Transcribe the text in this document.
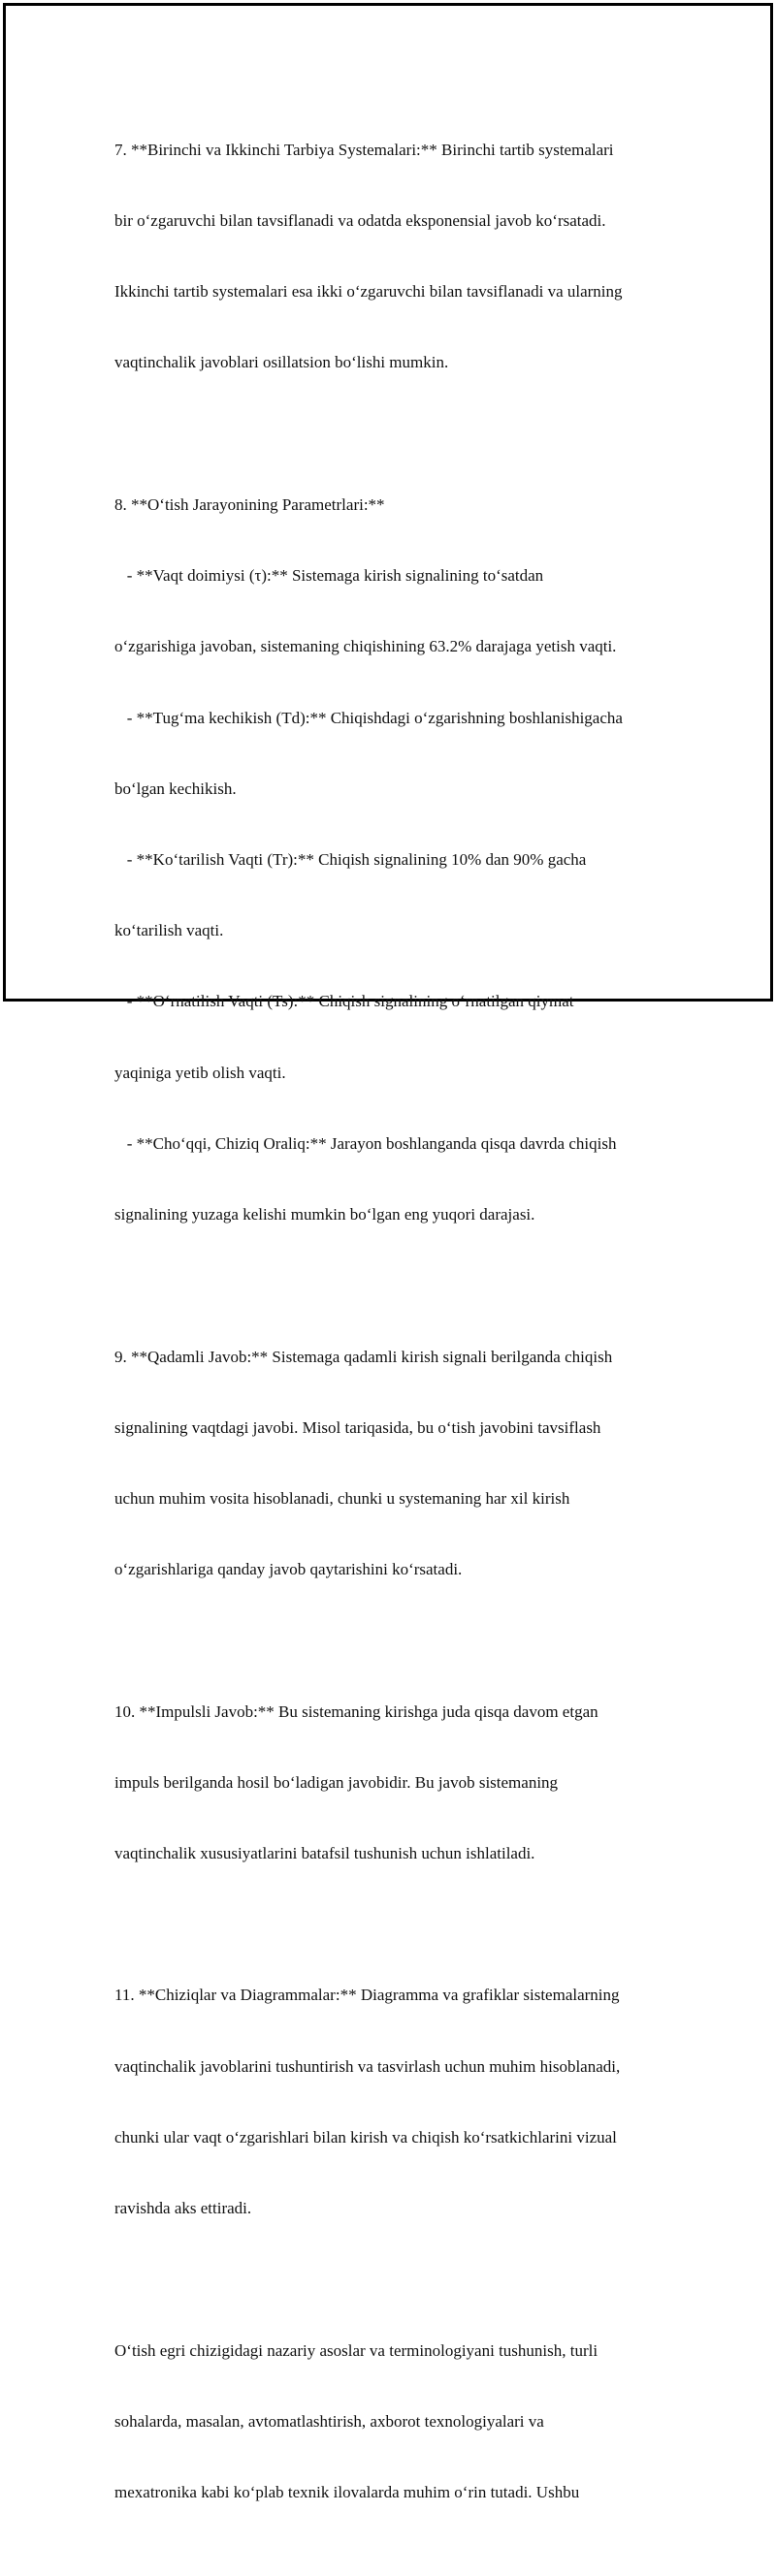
7. **Birinchi va Ikkinchi Tarbiya Systemalari:** Birinchi tartib systemalari

bir oʻzgaruvchi bilan tavsiflanadi va odatda eksponensial javob koʻrsatadi.

Ikkinchi tartib systemalari esa ikki oʻzgaruvchi bilan tavsiflanadi va ularning

vaqtinchalik javoblari osillatsion boʻlishi mumkin.

8. **Oʻtish Jarayonining Parametrlari:**

- **Vaqt doimiysi (τ):** Sistemaga kirish signalining toʻsatdan

oʻzgarishiga javoban, sistemaning chiqishining 63.2% darajaga yetish vaqti.

- **Tugʻma kechikish (Td):** Chiqishdagi oʻzgarishning boshlanishigacha

boʻlgan kechikish.

- **Koʻtarilish Vaqti (Tr):** Chiqish signalining 10% dan 90% gacha

koʻtarilish vaqti.

- **Oʻrnatilish Vaqti (Ts):** Chiqish signalining oʻrnatilgan qiymat

yaqiniga yetib olish vaqti.

- **Choʻqqi, Chiziq Oraliq:** Jarayon boshlanganda qisqa davrda chiqish

signalining yuzaga kelishi mumkin boʻlgan eng yuqori darajasi.

9. **Qadamli Javob:** Sistemaga qadamli kirish signali berilganda chiqish

signalining vaqtdagi javobi. Misol tariqasida, bu oʻtish javobini tavsiflash

uchun muhim vosita hisoblanadi, chunki u systemaning har xil kirish

oʻzgarishlariga qanday javob qaytarishini koʻrsatadi.

10. **Impulsli Javob:** Bu sistemaning kirishga juda qisqa davom etgan

impuls berilganda hosil boʻladigan javobidir. Bu javob sistemaning

vaqtinchalik xususiyatlarini batafsil tushunish uchun ishlatiladi.

11. **Chiziqlar va Diagrammalar:** Diagramma va grafiklar sistemalarning

vaqtinchalik javoblarini tushuntirish va tasvirlash uchun muhim hisoblanadi,

chunki ular vaqt oʻzgarishlari bilan kirish va chiqish koʻrsatkichlarini vizual

ravishda aks ettiradi.

Oʻtish egri chizigidagi nazariy asoslar va terminologiyani tushunish, turli

sohalarda, masalan, avtomatlashtirish, axborot texnologiyalari va

mexatronika kabi koʻplab texnik ilovalarda muhim oʻrin tutadi. Ushbu
